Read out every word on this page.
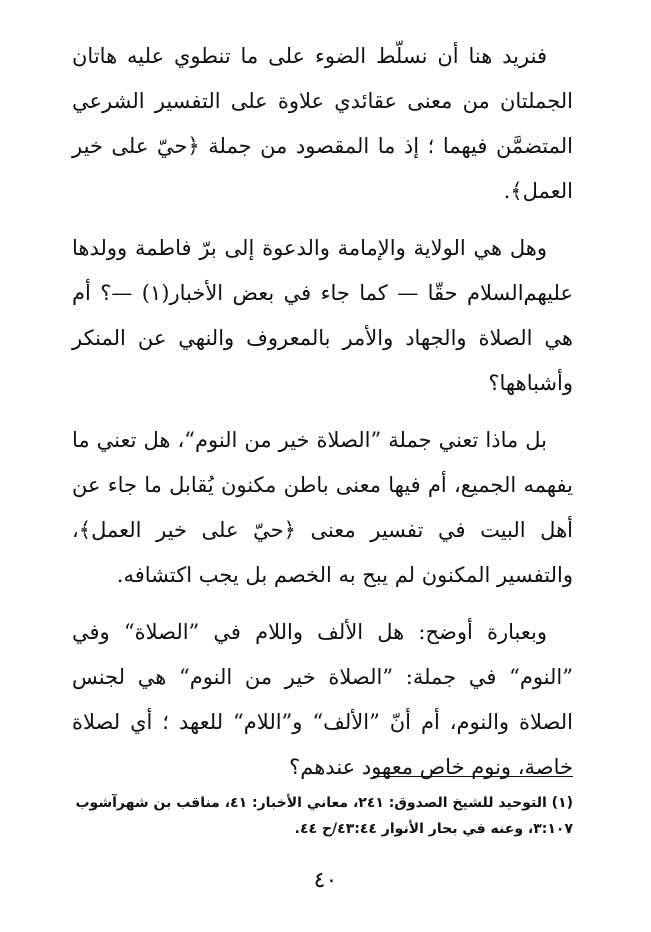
فنريد هنا أن نسلّط الضوء على ما تنطوي عليه هاتان الجملتان من معنى عقائدي علاوة على التفسير الشرعي المتضمَّن فيهما ؛ إذ ما المقصود من جملة ﴿حيّ على خير العمل﴾.

وهل هي الولاية والإمامة والدعوة إلى برّ فاطمة وولدها عليهم‌السلام حقّا — كما جاء في بعض الأخبار(١) —؟ أم هي الصلاة والجهاد والأمر بالمعروف والنهي عن المنكر وأشباهها؟

بل ماذا تعني جملة ”الصلاة خير من النوم“، هل تعني ما يفهمه الجميع، أم فيها معنى باطن مكنون يُقابل ما جاء عن أهل البيت في تفسير معنى ﴿حيّ على خير العمل﴾، والتفسير المكنون لم يبح به الخصم بل يجب اكتشافه.

وبعبارة أوضح: هل الألف واللام في ”الصلاة“ وفي ”النوم“ في جملة: ”الصلاة خير من النوم“ هي لجنس الصلاة والنوم، أم أنّ ”الألف“ و”اللام“ للعهد ؛ أي لصلاة خاصة، ونوم خاص معهود عندهم؟

(١) التوحيد للشيخ الصدوق: ٢٤١، معاني الأخبار: ٤١، مناقب بن شهرآشوب ٣:١٠٧، وعنه في بحار الأنوار ٤٣:٤٤/ح ٤٤.

٤٠
